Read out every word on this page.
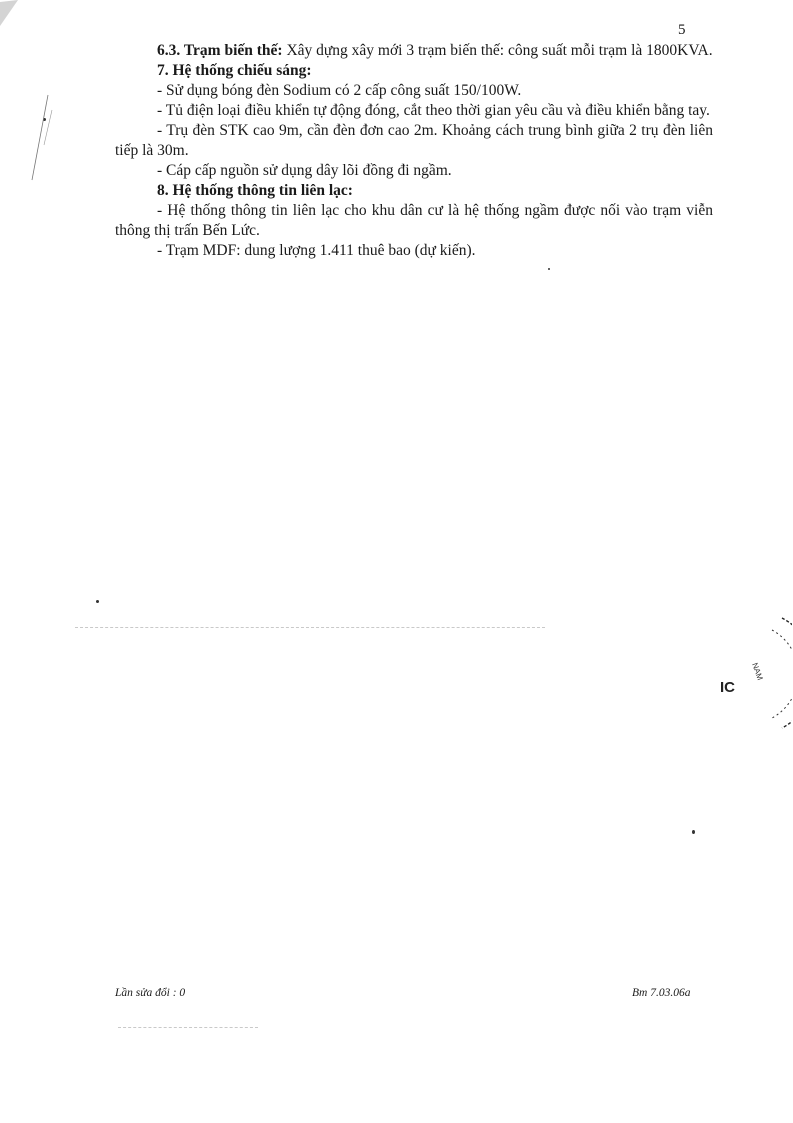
5

6.3. Trạm biến thế: Xây dựng xây mới 3 trạm biến thế: công suất mỗi trạm là 1800KVA.

7. Hệ thống chiếu sáng:

- Sử dụng bóng đèn Sodium có 2 cấp công suất 150/100W.

- Tủ điện loại điều khiển tự động đóng, cắt theo thời gian yêu cầu và điều khiển bằng tay.

- Trụ đèn STK cao 9m, cần đèn đơn cao 2m. Khoảng cách trung bình giữa 2 trụ đèn liên tiếp là 30m.

- Cáp cấp nguồn sử dụng dây lõi đồng đi ngầm.

8. Hệ thống thông tin liên lạc:

- Hệ thống thông tin liên lạc cho khu dân cư là hệ thống ngầm được nối vào trạm viễn thông thị trấn Bến Lức.

- Trạm MDF: dung lượng 1.411 thuê bao (dự kiến).

IC
NAM
Lần sửa đổi : 0	Bm 7.03.06a
